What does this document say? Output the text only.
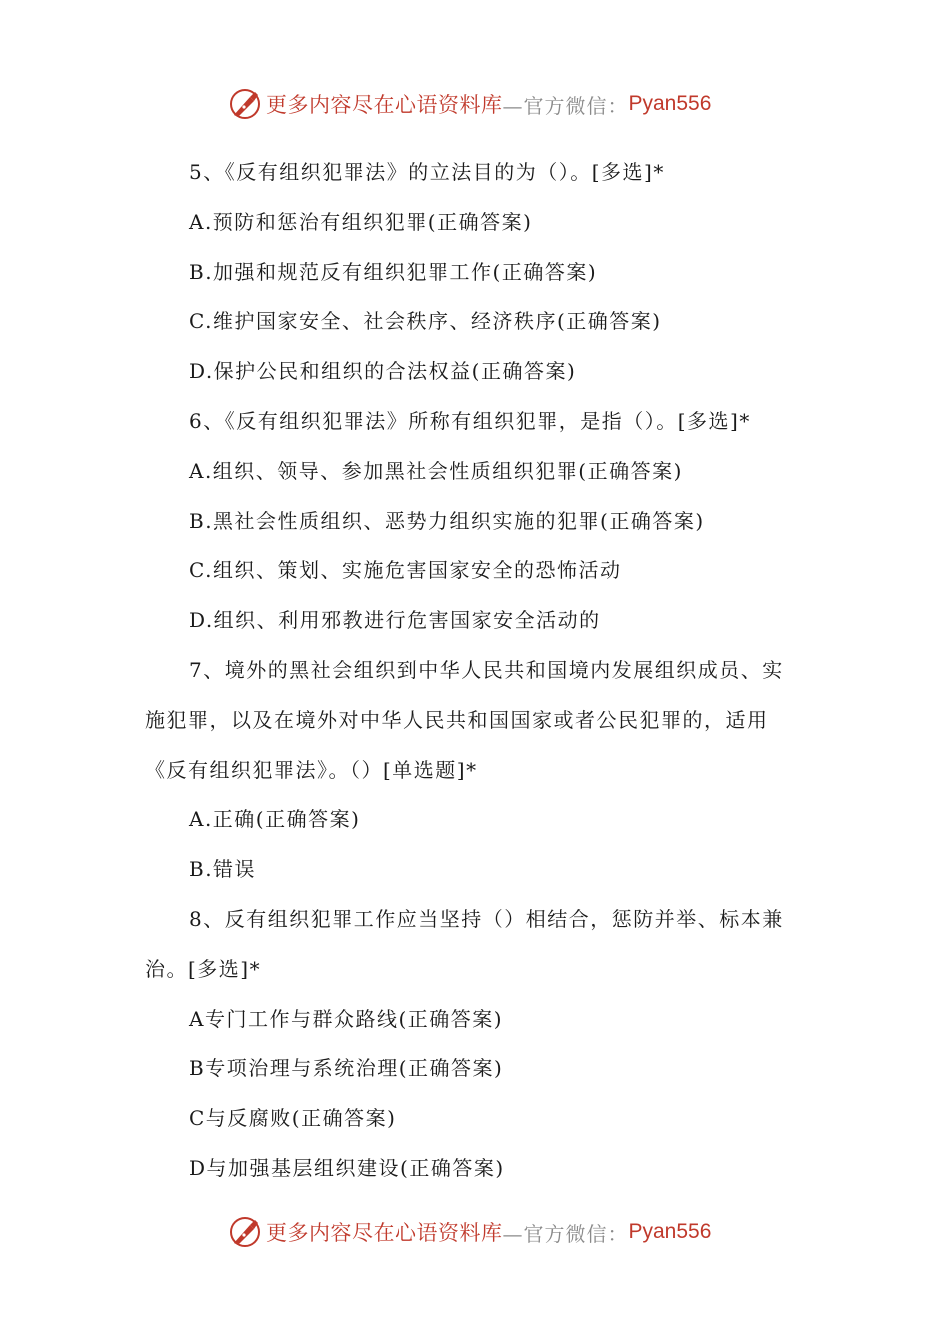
更多内容尽在心语资料库 —官方微信： Pyan556
5、《反有组织犯罪法》的立法目的为（）。[多选]*
A.预防和惩治有组织犯罪(正确答案)
B.加强和规范反有组织犯罪工作(正确答案)
C.维护国家安全、社会秩序、经济秩序(正确答案)
D.保护公民和组织的合法权益(正确答案)
6、《反有组织犯罪法》所称有组织犯罪，是指（）。[多选]*
A.组织、领导、参加黑社会性质组织犯罪(正确答案)
B.黑社会性质组织、恶势力组织实施的犯罪(正确答案)
C.组织、策划、实施危害国家安全的恐怖活动
D.组织、利用邪教进行危害国家安全活动的
7、境外的黑社会组织到中华人民共和国境内发展组织成员、实
施犯罪，以及在境外对中华人民共和国国家或者公民犯罪的，适用
《反有组织犯罪法》。（）[单选题]*
A.正确(正确答案)
B.错误
8、反有组织犯罪工作应当坚持（）相结合，惩防并举、标本兼
治。[多选]*
A专门工作与群众路线(正确答案)
B专项治理与系统治理(正确答案)
C与反腐败(正确答案)
D与加强基层组织建设(正确答案)
更多内容尽在心语资料库 —官方微信： Pyan556
